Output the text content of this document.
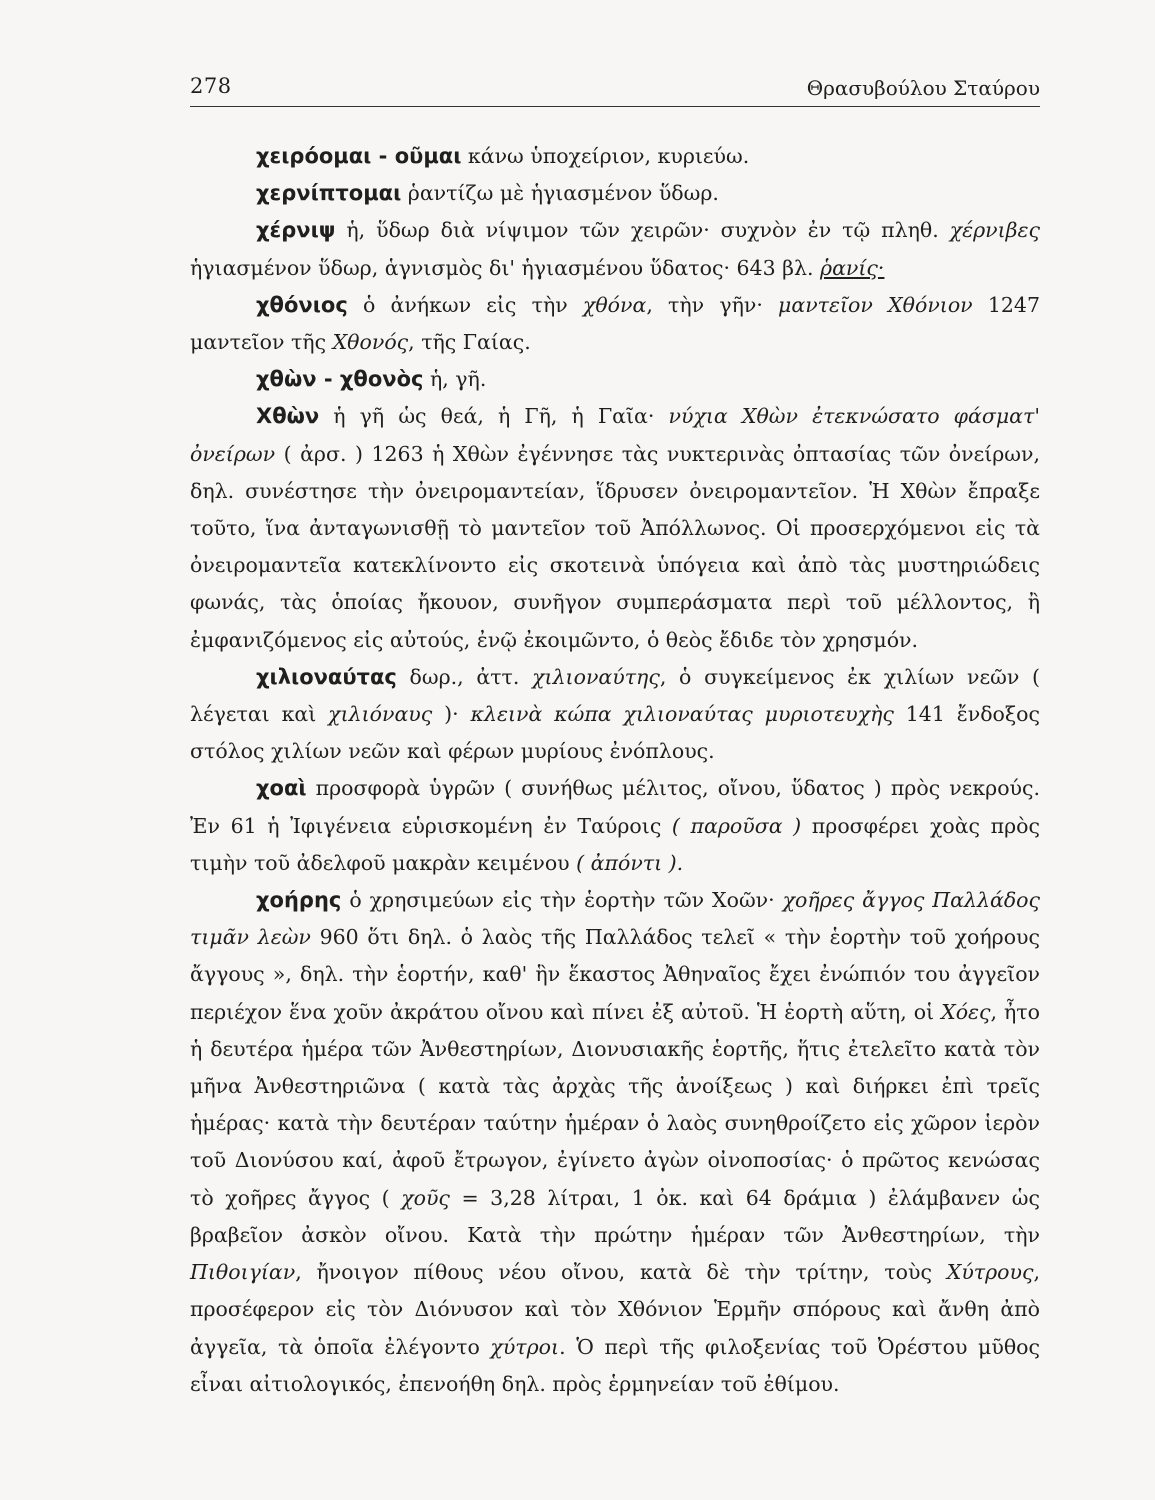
278	Θρασυβούλου Σταύρου

χειρόομαι - οῦμαι κάνω ὑποχείριον, κυριεύω.

χερνίπτομαι ῥαντίζω μὲ ἡγιασμένον ὕδωρ.

χέρνιψ ἡ, ὕδωρ διὰ νίψιμον τῶν χειρῶν· συχνὸν ἐν τῷ πληθ. χέρνιβες ἡγιασμένον ὕδωρ, ἁγνισμὸς δι' ἡγιασμένου ὕδατος· 643 βλ. ῥανίς·

χθόνιος ὁ ἀνήκων εἰς τὴν χθόνα, τὴν γῆν· μαντεῖον Χθόνιον 1247 μαντεῖον τῆς Χθονός, τῆς Γαίας.

χθὼν - χθονὸς ἡ, γῆ.

Χθὼν ἡ γῆ ὡς θεά, ἡ Γῆ, ἡ Γαῖα· νύχια Χθὼν ἐτεκνώσατο φάσματ' ὀνείρων ( ἀρσ. ) 1263 ἡ Χθὼν ἐγέννησε τὰς νυκτερινὰς ὀπτασίας τῶν ὀνείρων, δηλ. συνέστησε τὴν ὀνειρομαντείαν, ἵδρυσεν ὀνειρομαντεῖον. Ἡ Χθὼν ἔπραξε τοῦτο, ἵνα ἀνταγωνισθῇ τὸ μαντεῖον τοῦ Ἀπόλλωνος. Οἱ προσερχόμενοι εἰς τὰ ὀνειρομαντεῖα κατεκλίνοντο εἰς σκοτεινὰ ὑπόγεια καὶ ἀπὸ τὰς μυστηριώδεις φωνάς, τὰς ὁποίας ἤκουον, συνῆγον συμπεράσματα περὶ τοῦ μέλλοντος, ἢ ἐμφανιζόμενος εἰς αὐτούς, ἐνῷ ἐκοιμῶντο, ὁ θεὸς ἔδιδε τὸν χρησμόν.

χιλιοναύτας δωρ., ἀττ. χιλιοναύτης, ὁ συγκείμενος ἐκ χιλίων νεῶν ( λέγεται καὶ χιλιόναυς )· κλεινὰ κώπα χιλιοναύτας μυριοτευχὴς 141 ἔνδοξος στόλος χιλίων νεῶν καὶ φέρων μυρίους ἐνόπλους.

χοαὶ προσφορὰ ὑγρῶν ( συνήθως μέλιτος, οἴνου, ὕδατος ) πρὸς νεκρούς. Ἐν 61 ἡ Ἰφιγένεια εὑρισκομένη ἐν Ταύροις ( παροῦσα ) προσφέρει χοὰς πρὸς τιμὴν τοῦ ἀδελφοῦ μακρὰν κειμένου ( ἀπόντι ).

χοήρης ὁ χρησιμεύων εἰς τὴν ἑορτὴν τῶν Χοῶν· χοῆρες ἄγγος Παλλάδος τιμᾶν λεὼν 960 ὅτι δηλ. ὁ λαὸς τῆς Παλλάδος τελεῖ « τὴν ἑορτὴν τοῦ χοήρους ἄγγους », δηλ. τὴν ἑορτήν, καθ' ἣν ἕκαστος Ἀθηναῖος ἔχει ἐνώπιόν του ἀγγεῖον περιέχον ἕνα χοῦν ἀκράτου οἴνου καὶ πίνει ἐξ αὐτοῦ. Ἡ ἑορτὴ αὕτη, οἱ Χόες, ἦτο ἡ δευτέρα ἡμέρα τῶν Ἀνθεστηρίων, Διονυσιακῆς ἑορτῆς, ἥτις ἐτελεῖτο κατὰ τὸν μῆνα Ἀνθεστηριῶνα ( κατὰ τὰς ἀρχὰς τῆς ἀνοίξεως ) καὶ διήρκει ἐπὶ τρεῖς ἡμέρας· κατὰ τὴν δευτέραν ταύτην ἡμέραν ὁ λαὸς συνηθροίζετο εἰς χῶρον ἱερὸν τοῦ Διονύσου καί, ἀφοῦ ἔτρωγον, ἐγίνετο ἀγὼν οἰνοποσίας· ὁ πρῶτος κενώσας τὸ χοῆρες ἄγγος ( χοῦς = 3,28 λίτραι, 1 ὀκ. καὶ 64 δράμια ) ἐλάμβανεν ὡς βραβεῖον ἀσκὸν οἴνου. Κατὰ τὴν πρώτην ἡμέραν τῶν Ἀνθεστηρίων, τὴν Πιθοιγίαν, ἤνοιγον πίθους νέου οἴνου, κατὰ δὲ τὴν τρίτην, τοὺς Χύτρους, προσέφερον εἰς τὸν Διόνυσον καὶ τὸν Χθόνιον Ἑρμῆν σπόρους καὶ ἄνθη ἀπὸ ἀγγεῖα, τὰ ὁποῖα ἐλέγοντο χύτροι. Ὁ περὶ τῆς φιλοξενίας τοῦ Ὀρέστου μῦθος εἶναι αἰτιολογικός, ἐπενοήθη δηλ. πρὸς ἑρμηνείαν τοῦ ἐθίμου.
